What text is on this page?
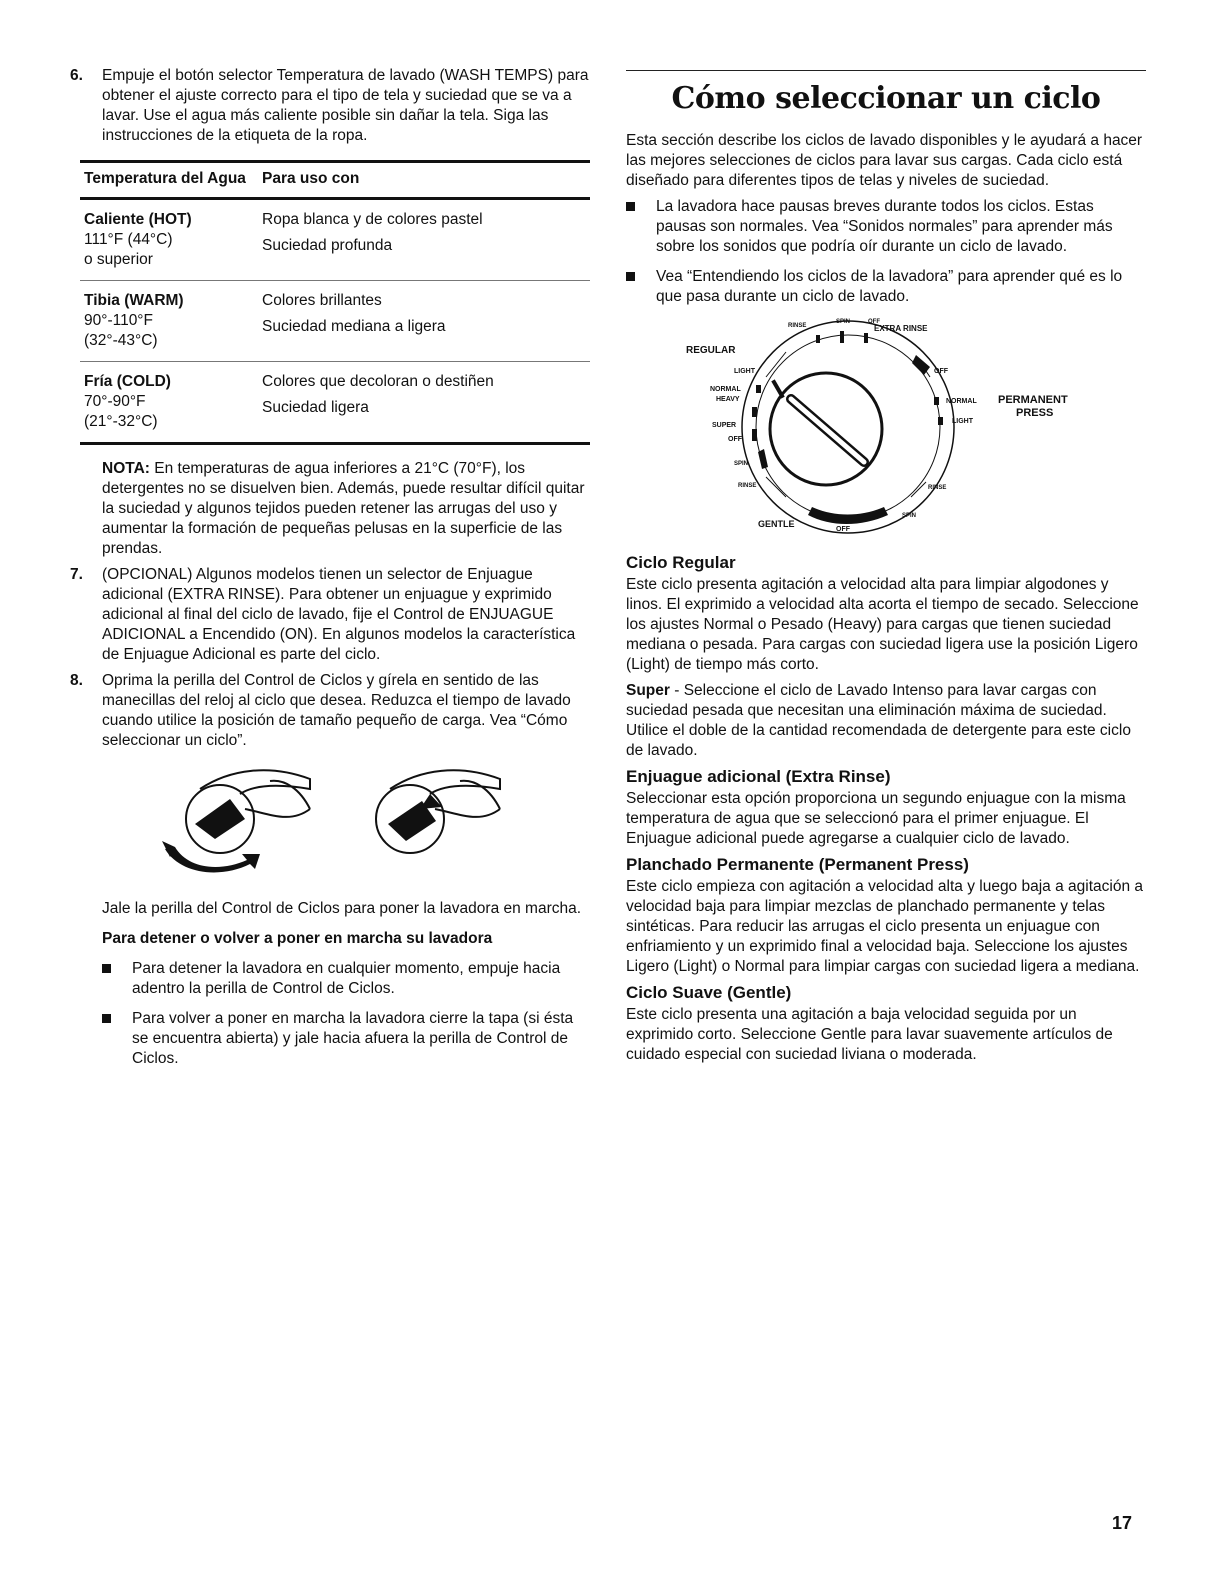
6. Empuje el botón selector Temperatura de lavado (WASH TEMPS) para obtener el ajuste correcto para el tipo de tela y suciedad que se va a lavar. Use el agua más caliente posible sin dañar la tela. Siga las instrucciones de la etiqueta de la ropa.
Temperatura del Agua	Para uso con

Caliente (HOT)
111°F (44°C)
o superior	Ropa blanca y de colores pastel
Suciedad profunda

Tibia (WARM)
90°-110°F
(32°-43°C)	Colores brillantes
Suciedad mediana a ligera

Fría (COLD)
70°-90°F
(21°-32°C)	Colores que decoloran o destiñen
Suciedad ligera
NOTA: En temperaturas de agua inferiores a 21°C (70°F), los detergentes no se disuelven bien. Además, puede resultar difícil quitar la suciedad y algunos tejidos pueden retener las arrugas del uso y aumentar la formación de pequeñas pelusas en la superficie de las prendas.
7. (OPCIONAL) Algunos modelos tienen un selector de Enjuague adicional (EXTRA RINSE). Para obtener un enjuague y exprimido adicional al final del ciclo de lavado, fije el Control de ENJUAGUE ADICIONAL a Encendido (ON). En algunos modelos la característica de Enjuague Adicional es parte del ciclo.
8. Oprima la perilla del Control de Ciclos y gírela en sentido de las manecillas del reloj al ciclo que desea. Reduzca el tiempo de lavado cuando utilice la posición de tamaño pequeño de carga. Vea “Cómo seleccionar un ciclo”.
Jale la perilla del Control de Ciclos para poner la lavadora en marcha.
Para detener o volver a poner en marcha su lavadora
Para detener la lavadora en cualquier momento, empuje hacia adentro la perilla de Control de Ciclos.
Para volver a poner en marcha la lavadora cierre la tapa (si ésta se encuentra abierta) y jale hacia afuera la perilla de Control de Ciclos.
Cómo seleccionar un ciclo
Esta sección describe los ciclos de lavado disponibles y le ayudará a hacer las mejores selecciones de ciclos para lavar sus cargas. Cada ciclo está diseñado para diferentes tipos de telas y niveles de suciedad.
La lavadora hace pausas breves durante todos los ciclos. Estas pausas son normales. Vea “Sonidos normales” para aprender más sobre los sonidos que podría oír durante un ciclo de lavado.
Vea “Entendiendo los ciclos de la lavadora” para aprender qué es lo que pasa durante un ciclo de lavado.
REGULAR
LIGHT
NORMAL
HEAVY
SUPER
OFF
SPIN
RINSE
GENTLE
OFF
SPIN
RINSE
LIGHT
NORMAL
OFF
EXTRA RINSE
OFF
SPIN
RINSE
PERMANENT
PRESS
Ciclo Regular
Este ciclo presenta agitación a velocidad alta para limpiar algodones y linos. El exprimido a velocidad alta acorta el tiempo de secado. Seleccione los ajustes Normal o Pesado (Heavy) para cargas que tienen suciedad mediana o pesada. Para cargas con suciedad ligera use la posición Ligero (Light) de tiempo más corto.
Super - Seleccione el ciclo de Lavado Intenso para lavar cargas con suciedad pesada que necesitan una eliminación máxima de suciedad. Utilice el doble de la cantidad recomendada de detergente para este ciclo de lavado.
Enjuague adicional (Extra Rinse)
Seleccionar esta opción proporciona un segundo enjuague con la misma temperatura de agua que se seleccionó para el primer enjuague. El Enjuague adicional puede agregarse a cualquier ciclo de lavado.
Planchado Permanente (Permanent Press)
Este ciclo empieza con agitación a velocidad alta y luego baja a agitación a velocidad baja para limpiar mezclas de planchado permanente y telas sintéticas. Para reducir las arrugas el ciclo presenta un enjuague con enfriamiento y un exprimido final a velocidad baja. Seleccione los ajustes Ligero (Light) o Normal para limpiar cargas con suciedad ligera a mediana.
Ciclo Suave (Gentle)
Este ciclo presenta una agitación a baja velocidad seguida por un exprimido corto. Seleccione Gentle para lavar suavemente artículos de cuidado especial con suciedad liviana o moderada.
17
